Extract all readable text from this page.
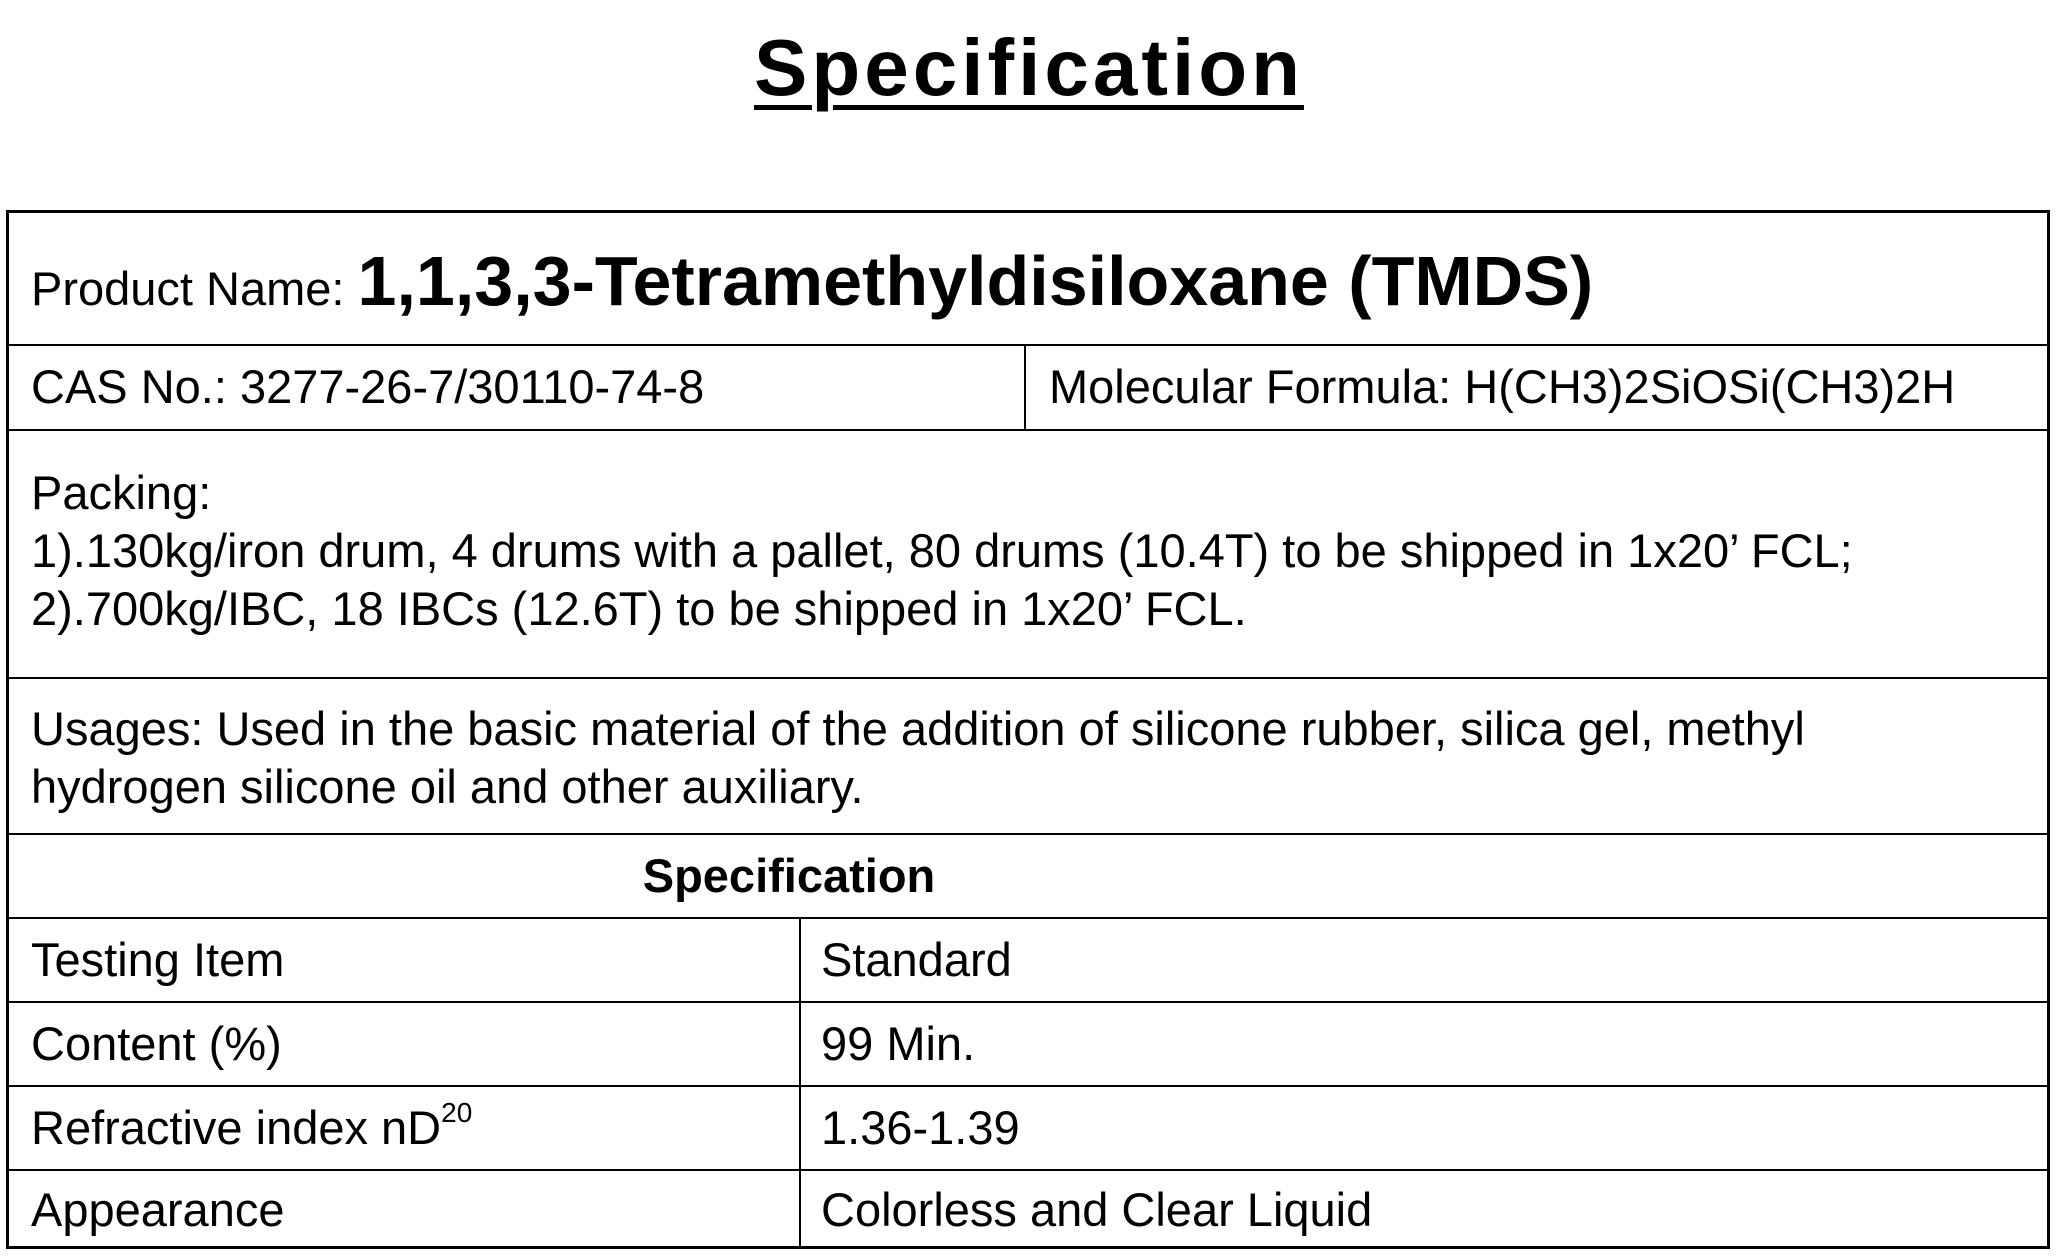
Specification
Product Name: 1,1,3,3-Tetramethyldisiloxane (TMDS)
CAS No.: 3277-26-7/30110-74-8	Molecular Formula: H(CH3)2SiOSi(CH3)2H
Packing:
1).130kg/iron drum, 4 drums with a pallet, 80 drums (10.4T) to be shipped in 1x20’ FCL;
2).700kg/IBC, 18 IBCs (12.6T) to be shipped in 1x20’ FCL.
Usages: Used in the basic material of the addition of silicone rubber, silica gel, methyl
hydrogen silicone oil and other auxiliary.
Specification
Testing Item	Standard
Content (%)	99 Min.
Refractive index $nD^{20}$	1.36-1.39
Appearance	Colorless and Clear Liquid
